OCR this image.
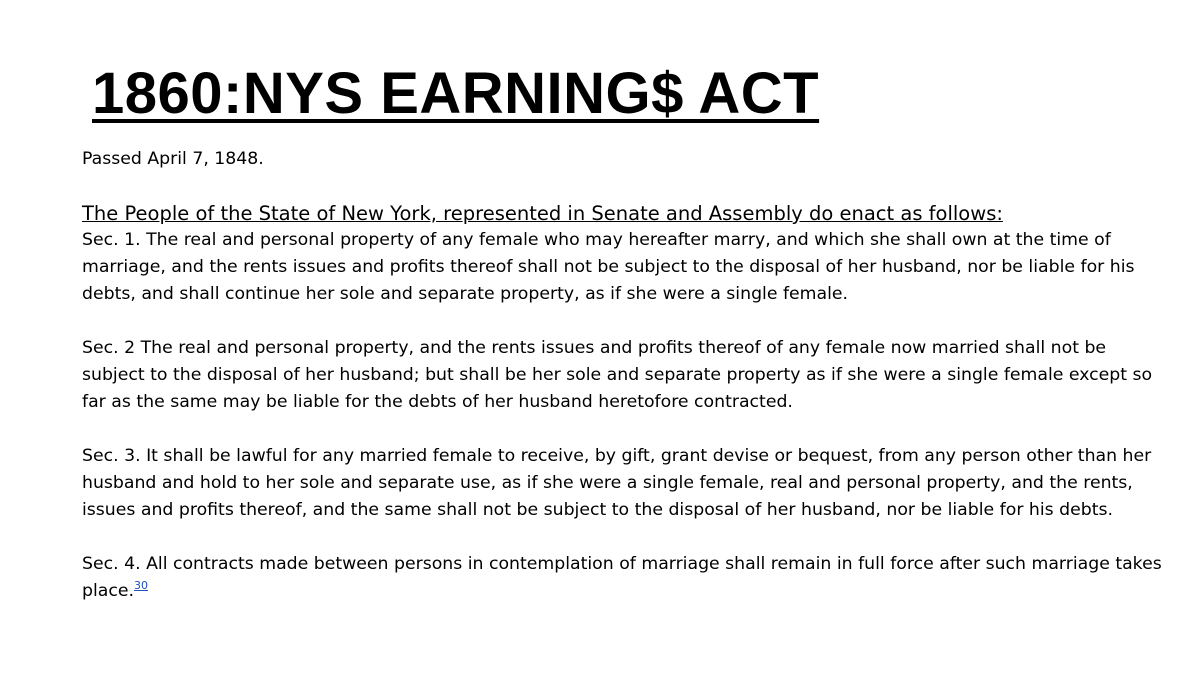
1860:NYS EARNING$ ACT

Passed April 7, 1848.

The People of the State of New York, represented in Senate and Assembly do enact as follows:

Sec. 1. The real and personal property of any female who may hereafter marry, and which she shall own at the time of marriage, and the rents issues and profits thereof shall not be subject to the disposal of her husband, nor be liable for his debts, and shall continue her sole and separate property, as if she were a single female.

Sec. 2 The real and personal property, and the rents issues and profits thereof of any female now married shall not be subject to the disposal of her husband; but shall be her sole and separate property as if she were a single female except so far as the same may be liable for the debts of her husband heretofore contracted.

Sec. 3. It shall be lawful for any married female to receive, by gift, grant devise or bequest, from any person other than her husband and hold to her sole and separate use, as if she were a single female, real and personal property, and the rents, issues and profits thereof, and the same shall not be subject to the disposal of her husband, nor be liable for his debts.

Sec. 4. All contracts made between persons in contemplation of marriage shall remain in full force after such marriage takes place.$^{30}$
